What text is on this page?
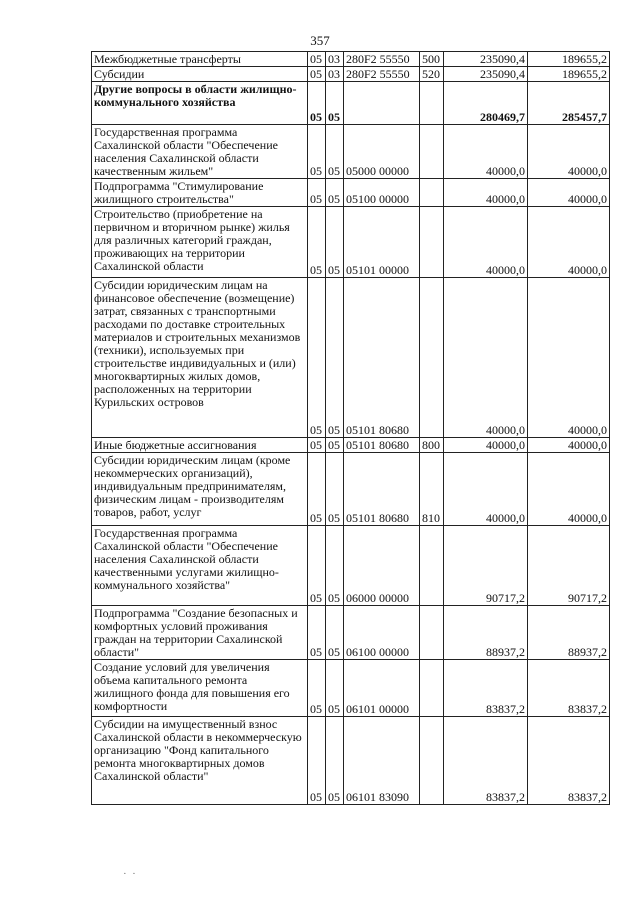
357
Межбюджетные трансферты	05	03	280F2 55550	500	235090,4	189655,2
Субсидии	05	03	280F2 55550	520	235090,4	189655,2
Другие вопросы в области жилищно-коммунального хозяйства	05	05			280469,7	285457,7
Государственная программа Сахалинской области "Обеспечение населения Сахалинской области качественным жильем"	05	05	05000 00000		40000,0	40000,0
Подпрограмма "Стимулирование жилищного строительства"	05	05	05100 00000		40000,0	40000,0
Строительство (приобретение на первичном и вторичном рынке) жилья для различных категорий граждан, проживающих на территории Сахалинской области	05	05	05101 00000		40000,0	40000,0
Субсидии юридическим лицам на финансовое обеспечение (возмещение) затрат, связанных с транспортными расходами по доставке строительных материалов и строительных механизмов (техники), используемых при строительстве индивидуальных и (или) многоквартирных жилых домов, расположенных на территории Курильских островов	05	05	05101 80680		40000,0	40000,0
Иные бюджетные ассигнования	05	05	05101 80680	800	40000,0	40000,0
Субсидии юридическим лицам (кроме некоммерческих организаций), индивидуальным предпринимателям, физическим лицам - производителям товаров, работ, услуг	05	05	05101 80680	810	40000,0	40000,0
Государственная программа Сахалинской области "Обеспечение населения Сахалинской области качественными услугами жилищно-коммунального хозяйства"	05	05	06000 00000		90717,2	90717,2
Подпрограмма "Создание безопасных и комфортных условий проживания граждан на территории Сахалинской области"	05	05	06100 00000		88937,2	88937,2
Создание условий для увеличения объема капитального ремонта жилищного фонда для повышения его комфортности	05	05	06101 00000		83837,2	83837,2
Субсидии на имущественный взнос Сахалинской области в некоммерческую организацию "Фонд капитального ремонта многоквартирных домов Сахалинской области"	05	05	06101 83090		83837,2	83837,2
·  ·
